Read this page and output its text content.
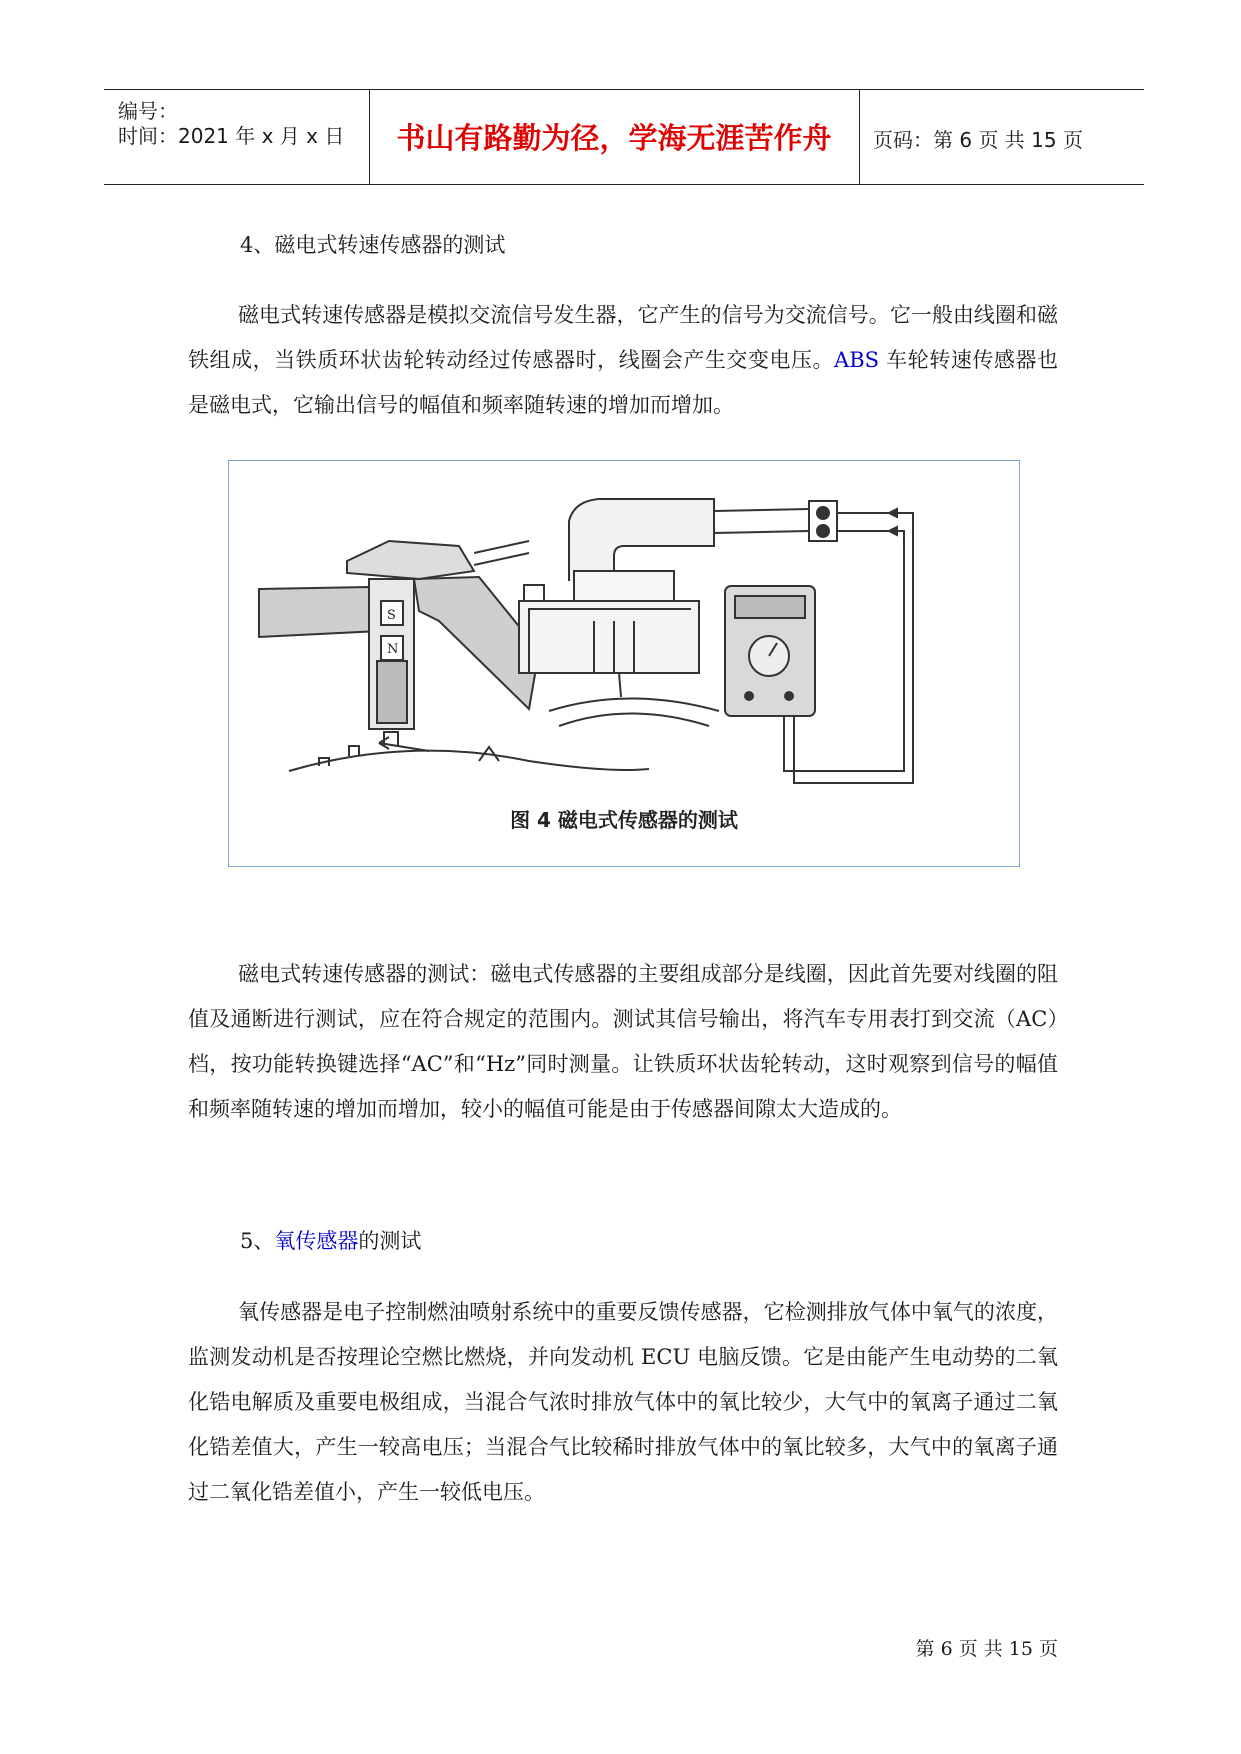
编号：
时间：2021 年 x 月 x 日	书山有路勤为径，学海无涯苦作舟	页码：第 6 页 共 15 页
4、磁电式转速传感器的测试
磁电式转速传感器是模拟交流信号发生器，它产生的信号为交流信号。它一般由线圈和磁铁组成，当铁质环状齿轮转动经过传感器时，线圈会产生交变电压。ABS 车轮转速传感器也是磁电式，它输出信号的幅值和频率随转速的增加而增加。
S
N
图 4 磁电式传感器的测试
磁电式转速传感器的测试：磁电式传感器的主要组成部分是线圈，因此首先要对线圈的阻值及通断进行测试，应在符合规定的范围内。测试其信号输出，将汽车专用表打到交流（AC）档，按功能转换键选择“AC”和“Hz”同时测量。让铁质环状齿轮转动，这时观察到信号的幅值和频率随转速的增加而增加，较小的幅值可能是由于传感器间隙太大造成的。
5、氧传感器的测试
氧传感器是电子控制燃油喷射系统中的重要反馈传感器，它检测排放气体中氧气的浓度，监测发动机是否按理论空燃比燃烧，并向发动机 ECU 电脑反馈。它是由能产生电动势的二氧化锆电解质及重要电极组成，当混合气浓时排放气体中的氧比较少，大气中的氧离子通过二氧化锆差值大，产生一较高电压；当混合气比较稀时排放气体中的氧比较多，大气中的氧离子通过二氧化锆差值小，产生一较低电压。
第 6 页 共 15 页
